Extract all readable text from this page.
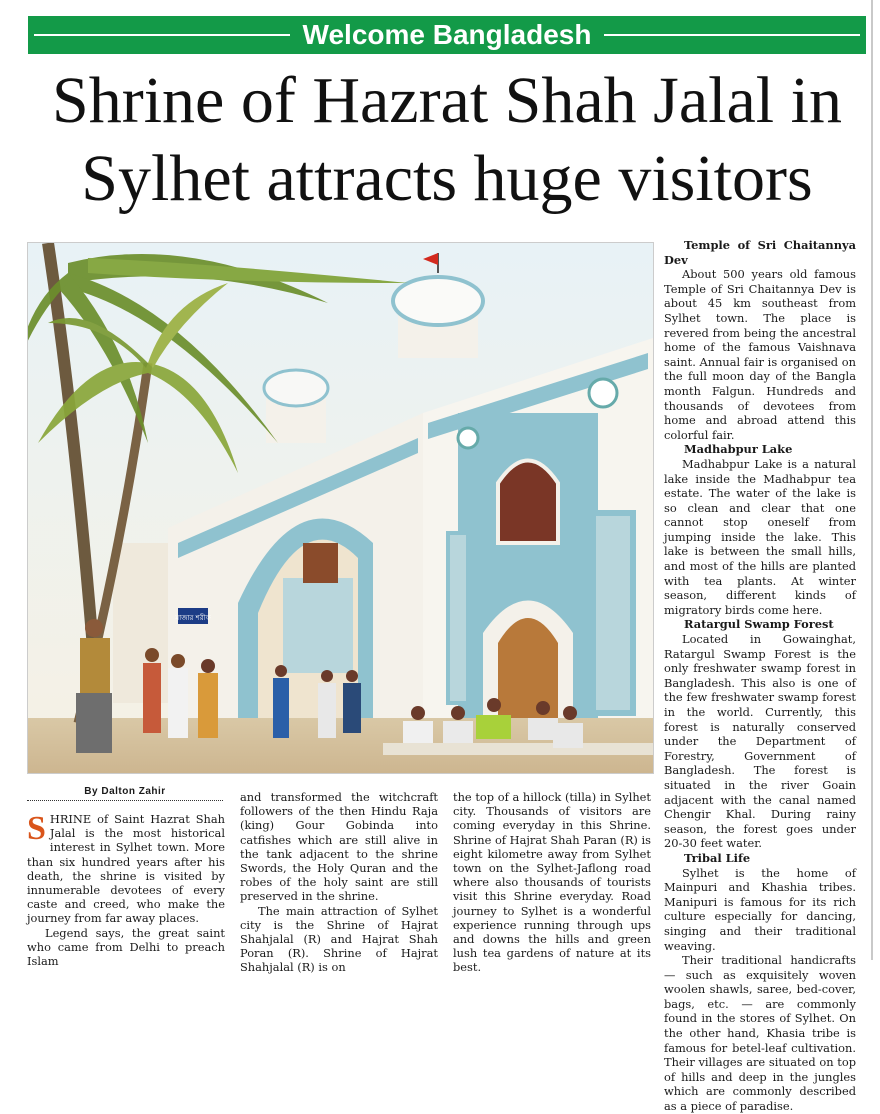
Welcome Bangladesh
Shrine of Hazrat Shah Jalal in
Sylhet attracts huge visitors
মাজার শরীফ
Temple of Sri Chaitannya Dev

About 500 years old famous Temple of Sri Chaitannya Dev is about 45 km southeast from Sylhet town. The place is revered from being the ancestral home of the famous Vaishnava saint. Annual fair is organised on the full moon day of the Bangla month Falgun. Hundreds and thousands of devotees from home and abroad attend this colorful fair.

Madhabpur Lake

Madhabpur Lake is a natural lake inside the Madhabpur tea estate. The water of the lake is so clean and clear that one cannot stop oneself from jumping inside the lake. This lake is between the small hills, and most of the hills are planted with tea plants. At winter season, different kinds of migratory birds come here.

Ratargul Swamp Forest

Located in Gowainghat, Ratargul Swamp Forest is the only freshwater swamp forest in Bangladesh. This also is one of the few freshwater swamp forest in the world. Currently, this forest is naturally conserved under the Department of Forestry, Government of Bangladesh. The forest is situated in the river Goain adjacent with the canal named Chengir Khal. During rainy season, the forest goes under 20-30 feet water.

Tribal Life

Sylhet is the home of Mainpuri and Khashia tribes. Manipuri is famous for its rich culture especially for dancing, singing and their traditional weaving.

Their traditional handicrafts — such as exquisitely woven woolen shawls, saree, bed-cover, bags, etc. — are commonly found in the stores of Sylhet. On the other hand, Khasia tribe is famous for betel-leaf cultivation. Their villages are situated on top of hills and deep in the jungles which are commonly described as a piece of paradise.

By Dalton Zahir

SHRINE of Saint Hazrat Shah Jalal is the most historical interest in Sylhet town. More than six hundred years after his death, the shrine is visited by innumerable devotees of every caste and creed, who make the journey from far away places.

Legend says, the great saint who came from Delhi to preach Islam

and transformed the witchcraft followers of the then Hindu Raja (king) Gour Gobinda into catfishes which are still alive in the tank adjacent to the shrine Swords, the Holy Quran and the robes of the holy saint are still preserved in the shrine.

The main attraction of Sylhet city is the Shrine of Hajrat Shahjalal (R) and Hajrat Shah Poran (R). Shrine of Hajrat Shahjalal (R) is on

the top of a hillock (tilla) in Sylhet city. Thousands of visitors are coming everyday in this Shrine. Shrine of Hajrat Shah Paran (R) is eight kilometre away from Sylhet town on the Sylhet-Jaflong road where also thousands of tourists visit this Shrine everyday. Road journey to Sylhet is a wonderful experience running through ups and downs the hills and green lush tea gardens of nature at its best.
